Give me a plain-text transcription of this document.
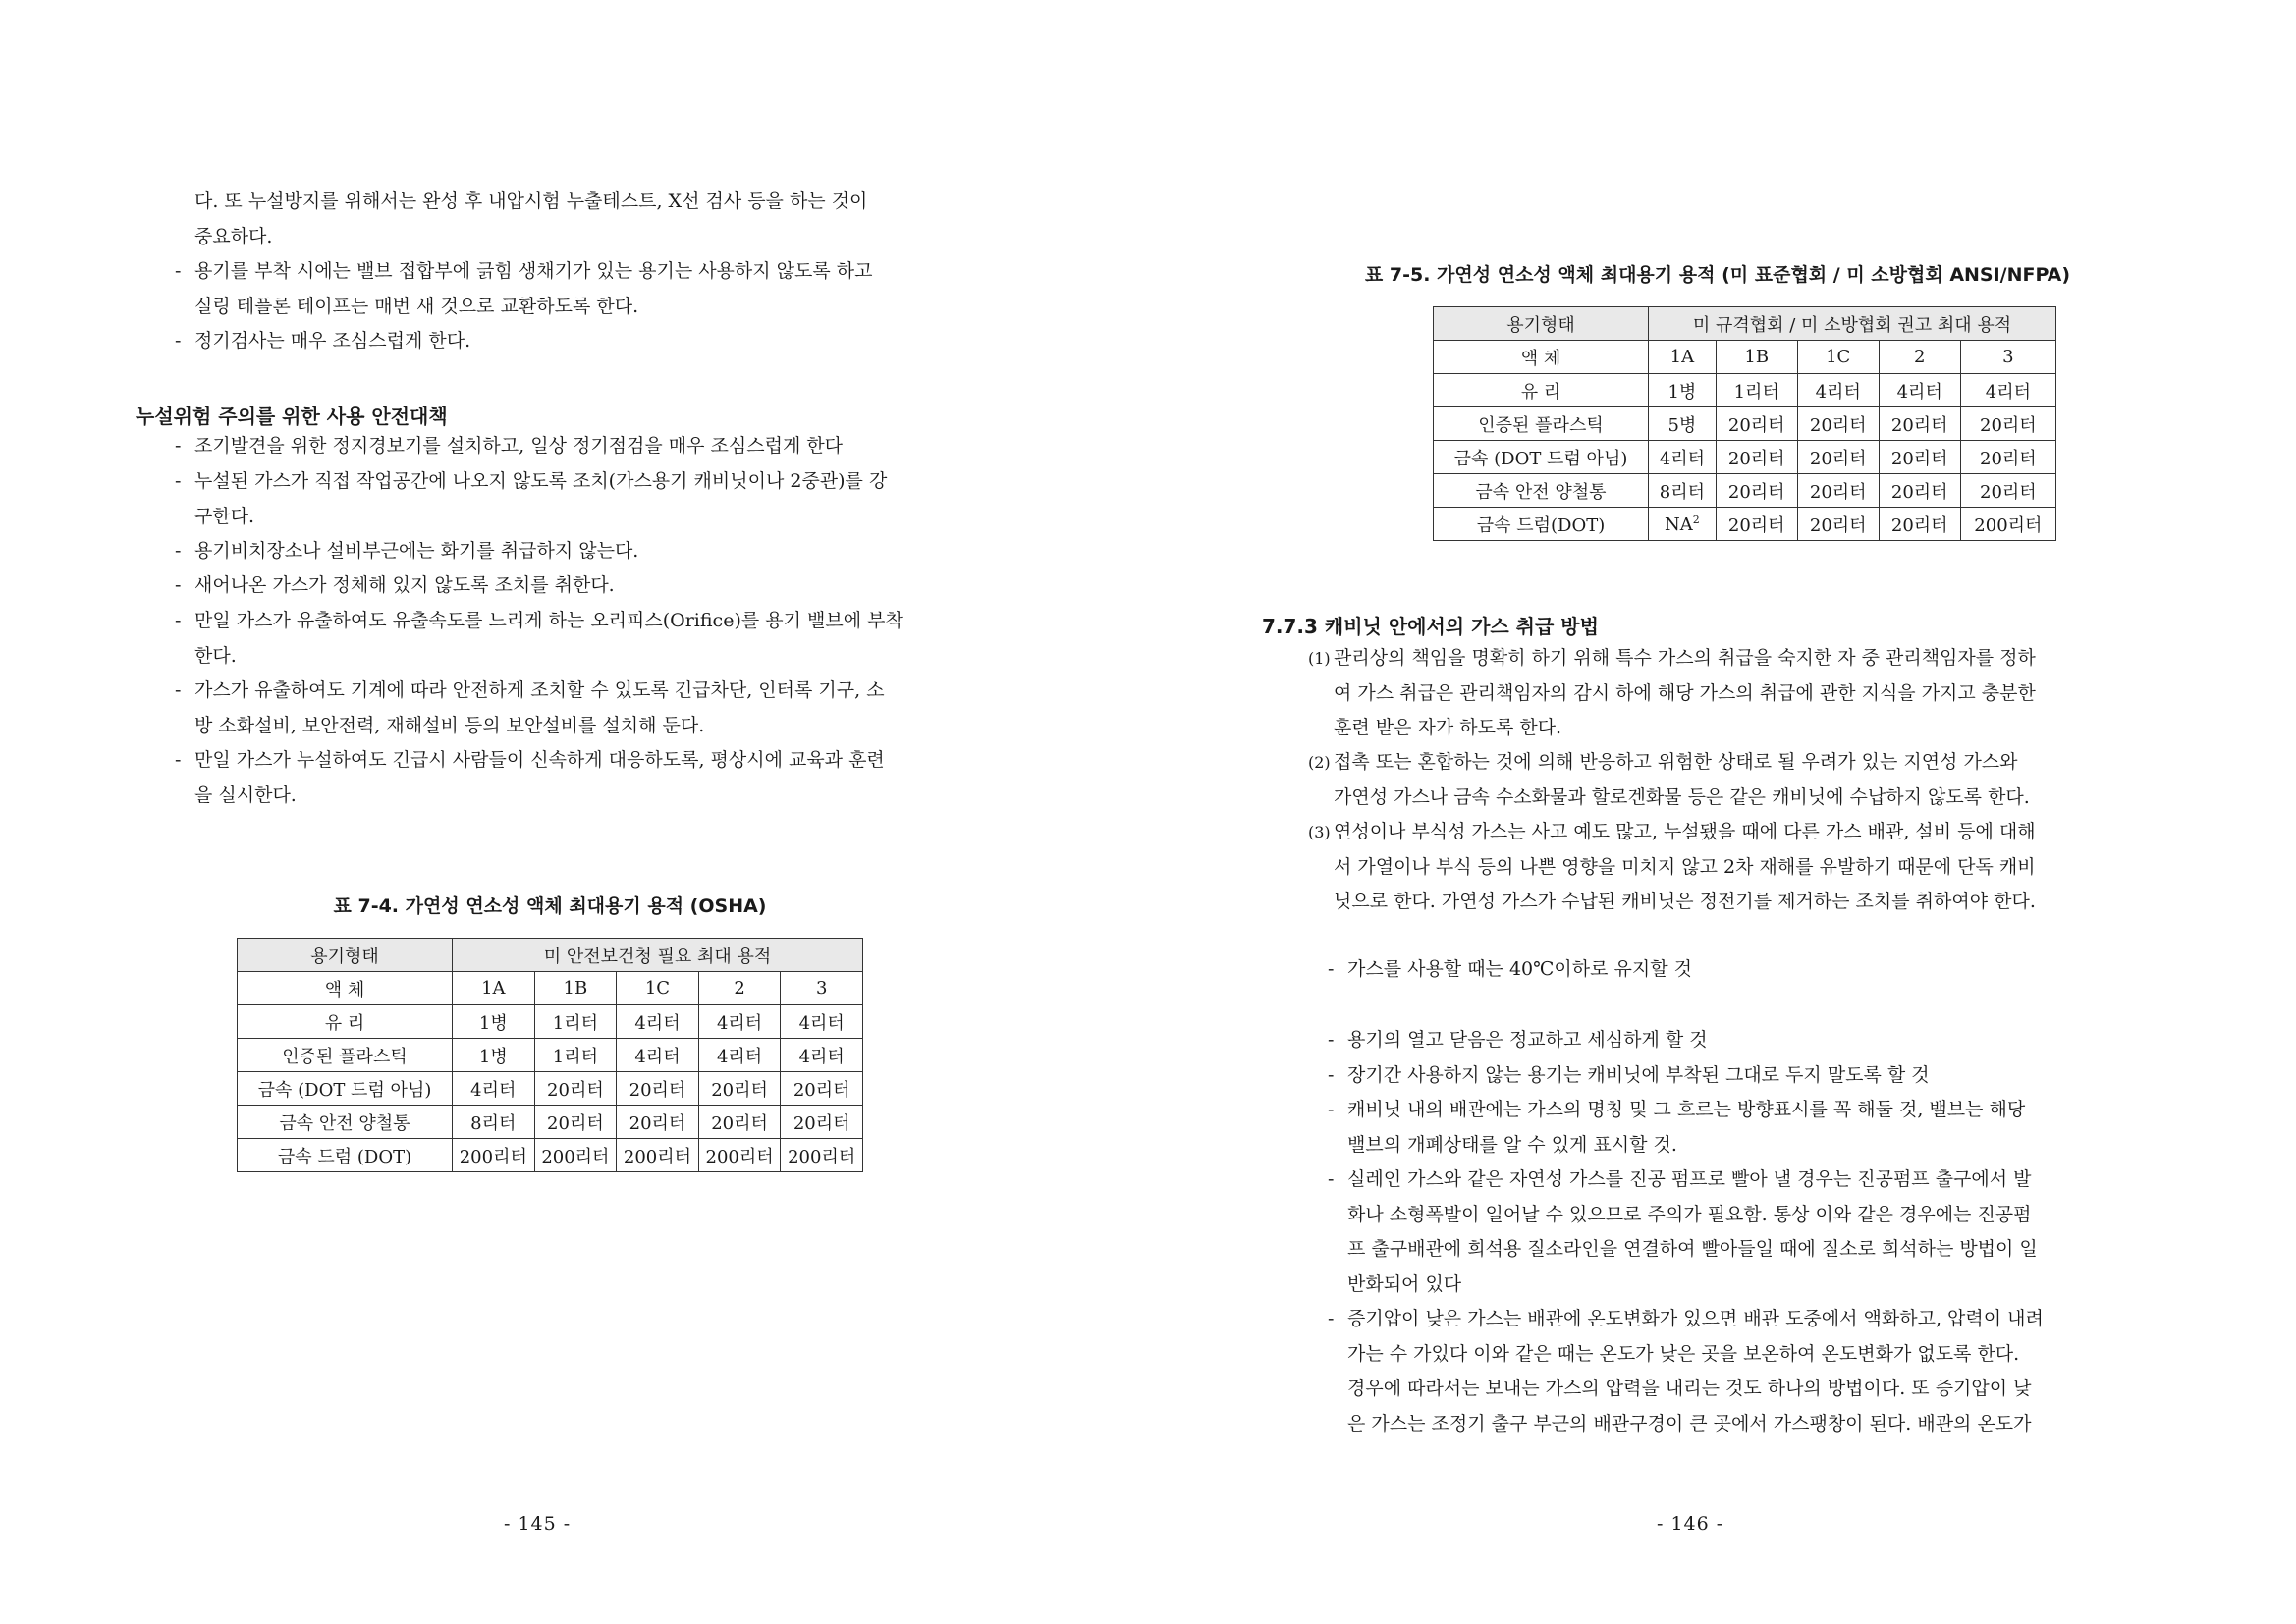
다. 또 누설방지를 위해서는 완성 후 내압시험 누출테스트, X선 검사 등을 하는 것이
중요하다.
- 용기를 부착 시에는 밸브 접합부에 긁힘 생채기가 있는 용기는 사용하지 않도록 하고
실링 테플론 테이프는 매번 새 것으로 교환하도록 한다.
- 정기검사는 매우 조심스럽게 한다.
누설위험 주의를 위한 사용 안전대책
- 조기발견을 위한 정지경보기를 설치하고, 일상 정기점검을 매우 조심스럽게 한다
- 누설된 가스가 직접 작업공간에 나오지 않도록 조치(가스용기 캐비닛이나 2중관)를 강
구한다.
- 용기비치장소나 설비부근에는 화기를 취급하지 않는다.
- 새어나온 가스가 정체해 있지 않도록 조치를 취한다.
- 만일 가스가 유출하여도 유출속도를 느리게 하는 오리피스(Orifice)를 용기 밸브에 부착
한다.
- 가스가 유출하여도 기계에 따라 안전하게 조치할 수 있도록 긴급차단, 인터록 기구, 소
방 소화설비, 보안전력, 재해설비 등의 보안설비를 설치해 둔다.
- 만일 가스가 누설하여도 긴급시 사람들이 신속하게 대응하도록, 평상시에 교육과 훈련
을 실시한다.
표 7-4. 가연성 연소성 액체 최대용기 용적 (OSHA)
용기형태	미 안전보건청 필요 최대 용적				
액 체	1A	1B	1C	2	3
유 리	1병	1리터	4리터	4리터	4리터
인증된 플라스틱	1병	1리터	4리터	4리터	4리터
금속 (DOT 드럼 아님)	4리터	20리터	20리터	20리터	20리터
금속 안전 양철통	8리터	20리터	20리터	20리터	20리터
금속 드럼 (DOT)	200리터	200리터	200리터	200리터	200리터
- 145 -
표 7-5. 가연성 연소성 액체 최대용기 용적 (미 표준협회 / 미 소방협회 ANSI/NFPA)
용기형태	미 규격협회 / 미 소방협회 권고 최대 용적				
액 체	1A	1B	1C	2	3
유 리	1병	1리터	4리터	4리터	4리터
인증된 플라스틱	5병	20리터	20리터	20리터	20리터
금속 (DOT 드럼 아님)	4리터	20리터	20리터	20리터	20리터
금속 안전 양철통	8리터	20리터	20리터	20리터	20리터
금속 드럼(DOT)	$NA^2$	20리터	20리터	20리터	200리터
7.7.3 캐비닛 안에서의 가스 취급 방법
(1) 관리상의 책임을 명확히 하기 위해 특수 가스의 취급을 숙지한 자 중 관리책임자를 정하
여 가스 취급은 관리책임자의 감시 하에 해당 가스의 취급에 관한 지식을 가지고 충분한
훈련 받은 자가 하도록 한다.
(2) 접촉 또는 혼합하는 것에 의해 반응하고 위험한 상태로 될 우려가 있는 지연성 가스와
가연성 가스나 금속 수소화물과 할로겐화물 등은 같은 캐비닛에 수납하지 않도록 한다.
(3) 연성이나 부식성 가스는 사고 예도 많고, 누설됐을 때에 다른 가스 배관, 설비 등에 대해
서 가열이나 부식 등의 나쁜 영향을 미치지 않고 2차 재해를 유발하기 때문에 단독 캐비
닛으로 한다. 가연성 가스가 수납된 캐비닛은 정전기를 제거하는 조치를 취하여야 한다.
- 가스를 사용할 때는 40℃이하로 유지할 것
- 용기의 열고 닫음은 정교하고 세심하게 할 것
- 장기간 사용하지 않는 용기는 캐비닛에 부착된 그대로 두지 말도록 할 것
- 캐비닛 내의 배관에는 가스의 명칭 및 그 흐르는 방향표시를 꼭 해둘 것, 밸브는 해당
밸브의 개폐상태를 알 수 있게 표시할 것.
- 실레인 가스와 같은 자연성 가스를 진공 펌프로 빨아 낼 경우는 진공펌프 출구에서 발
화나 소형폭발이 일어날 수 있으므로 주의가 필요함. 통상 이와 같은 경우에는 진공펌
프 출구배관에 희석용 질소라인을 연결하여 빨아들일 때에 질소로 희석하는 방법이 일
반화되어 있다
- 증기압이 낮은 가스는 배관에 온도변화가 있으면 배관 도중에서 액화하고, 압력이 내려
가는 수 가있다 이와 같은 때는 온도가 낮은 곳을 보온하여 온도변화가 없도록 한다.
경우에 따라서는 보내는 가스의 압력을 내리는 것도 하나의 방법이다. 또 증기압이 낮
은 가스는 조정기 출구 부근의 배관구경이 큰 곳에서 가스팽창이 된다. 배관의 온도가
- 146 -
